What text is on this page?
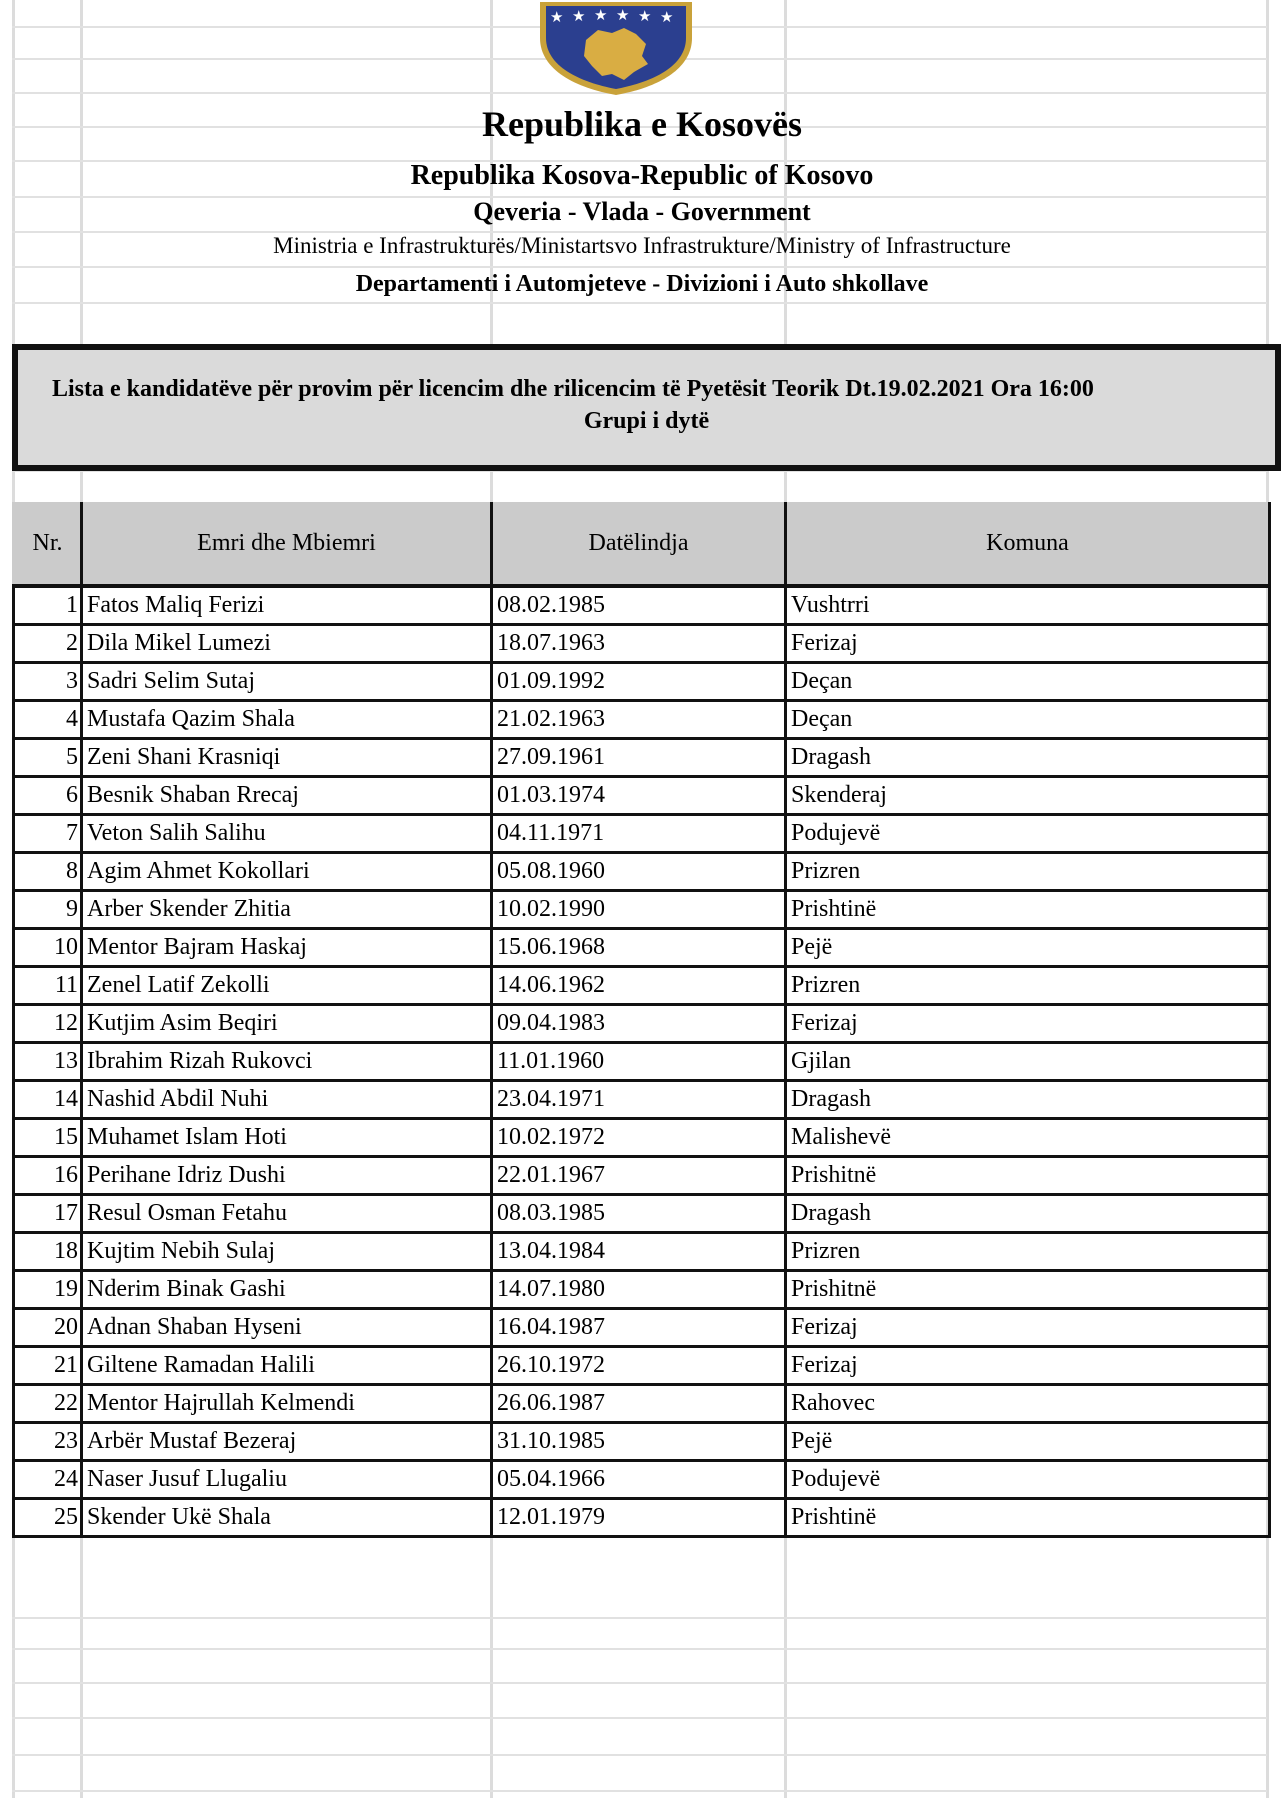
★ ★ ★ ★ ★ ★
Republika e Kosovës
Republika Kosova-Republic of Kosovo
Qeveria - Vlada - Government
Ministria e Infrastrukturës/Ministartsvo Infrastrukture/Ministry of Infrastructure
Departamenti i Automjeteve - Divizioni i Auto shkollave
Lista e kandidatëve për provim për licencim dhe rilicencim të Pyetësit Teorik Dt.19.02.2021 Ora 16:00
Grupi i dytë
Nr.	Emri dhe Mbiemri	Datëlindja	Komuna
1	Fatos Maliq Ferizi	08.02.1985	Vushtrri
2	Dila Mikel Lumezi	18.07.1963	Ferizaj
3	Sadri Selim Sutaj	01.09.1992	Deçan
4	Mustafa Qazim Shala	21.02.1963	Deçan
5	Zeni Shani Krasniqi	27.09.1961	Dragash
6	Besnik Shaban Rrecaj	01.03.1974	Skenderaj
7	Veton Salih Salihu	04.11.1971	Podujevë
8	Agim Ahmet Kokollari	05.08.1960	Prizren
9	Arber Skender Zhitia	10.02.1990	Prishtinë
10	Mentor Bajram Haskaj	15.06.1968	Pejë
11	Zenel Latif Zekolli	14.06.1962	Prizren
12	Kutjim Asim Beqiri	09.04.1983	Ferizaj
13	Ibrahim Rizah Rukovci	11.01.1960	Gjilan
14	Nashid Abdil Nuhi	23.04.1971	Dragash
15	Muhamet Islam Hoti	10.02.1972	Malishevë
16	Perihane Idriz Dushi	22.01.1967	Prishitnë
17	Resul Osman Fetahu	08.03.1985	Dragash
18	Kujtim Nebih Sulaj	13.04.1984	Prizren
19	Nderim Binak Gashi	14.07.1980	Prishitnë
20	Adnan Shaban Hyseni	16.04.1987	Ferizaj
21	Giltene Ramadan Halili	26.10.1972	Ferizaj
22	Mentor Hajrullah Kelmendi	26.06.1987	Rahovec
23	Arbër Mustaf Bezeraj	31.10.1985	Pejë
24	Naser Jusuf Llugaliu	05.04.1966	Podujevë
25	Skender Ukë Shala	12.01.1979	Prishtinë
